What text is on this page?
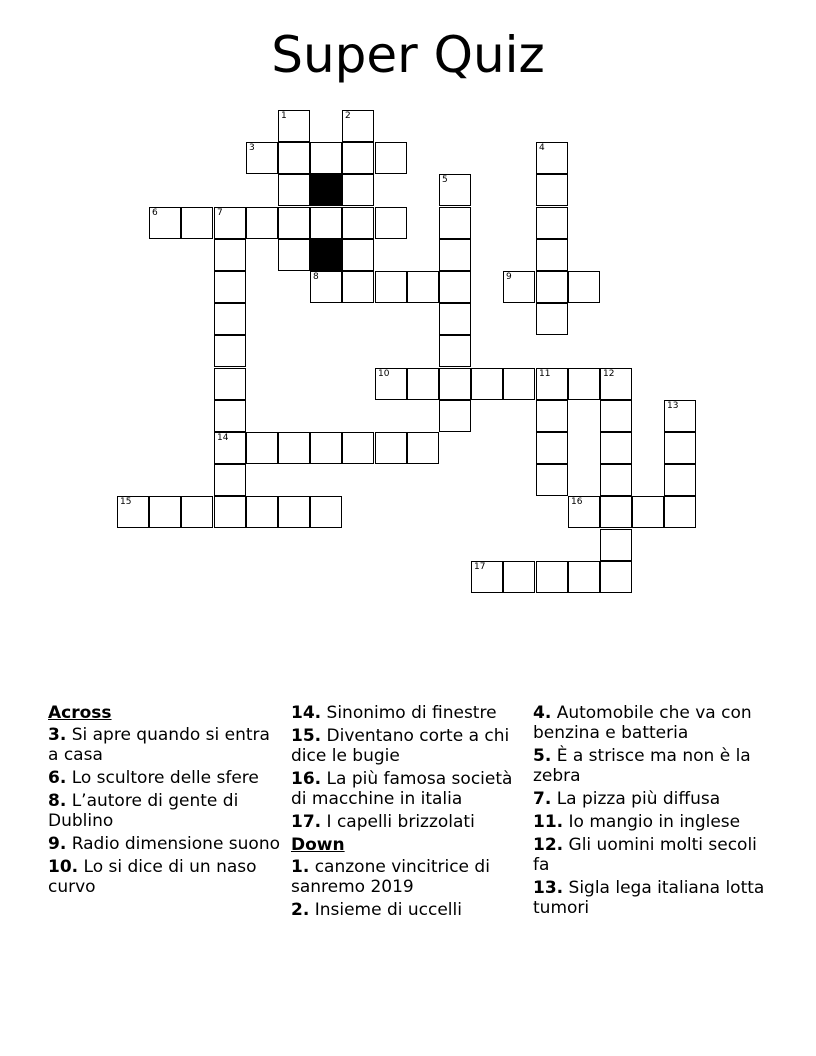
Super Quiz
1	2
3	4
5
6	7
8	9
10	11	12
13
14
15	16
17
Across
3. Si apre quando si entra a casa
6. Lo scultore delle sfere
8. L’autore di gente di Dublino
9. Radio dimensione suono
10. Lo si dice di un naso curvo
14. Sinonimo di finestre
15. Diventano corte a chi dice le bugie
16. La più famosa società di macchine in italia
17. I capelli brizzolati
Down
1. canzone vincitrice di sanremo 2019
2. Insieme di uccelli
4. Automobile che va con benzina e batteria
5. È a strisce ma non è la zebra
7. La pizza più diffusa
11. Io mangio in inglese
12. Gli uomini molti secoli fa
13. Sigla lega italiana lotta tumori
